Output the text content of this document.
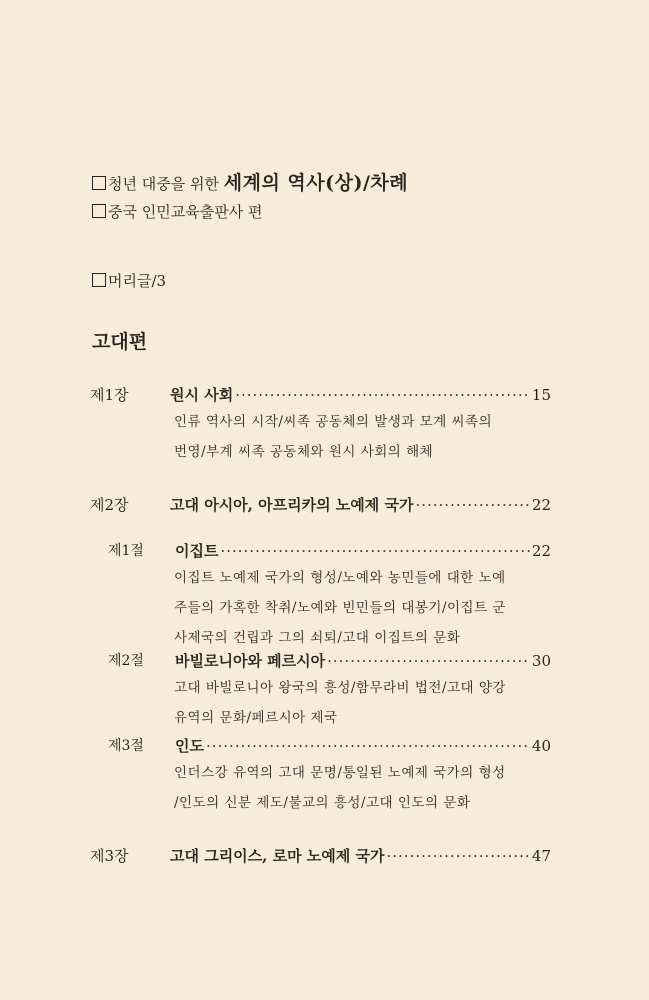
청년 대중을 위한 세계의 역사(상)/차례
중국 인민교육출판사 편
머리글/3
고대편
제1장	원시 사회 ·····	15
인류 역사의 시작/씨족 공동체의 발생과 모계 씨족의
번영/부계 씨족 공동체와 원시 사회의 해체
제2장	고대 아시아, 아프리카의 노예제 국가 ·····	22
제1절 이집트 ·····	22
이집트 노예제 국가의 형성/노예와 농민들에 대한 노예
주들의 가혹한 착취/노예와 빈민들의 대봉기/이집트 군
사제국의 건립과 그의 쇠퇴/고대 이집트의 문화
제2절 바빌로니아와 페르시아 ·····	30
고대 바빌로니아 왕국의 흥성/함무라비 법전/고대 양강
유역의 문화/페르시아 제국
제3절 인도 ·····	40
인더스강 유역의 고대 문명/통일된 노예제 국가의 형성
/인도의 신분 제도/불교의 흥성/고대 인도의 문화
제3장	고대 그리이스, 로마 노예제 국가 ·····	47
